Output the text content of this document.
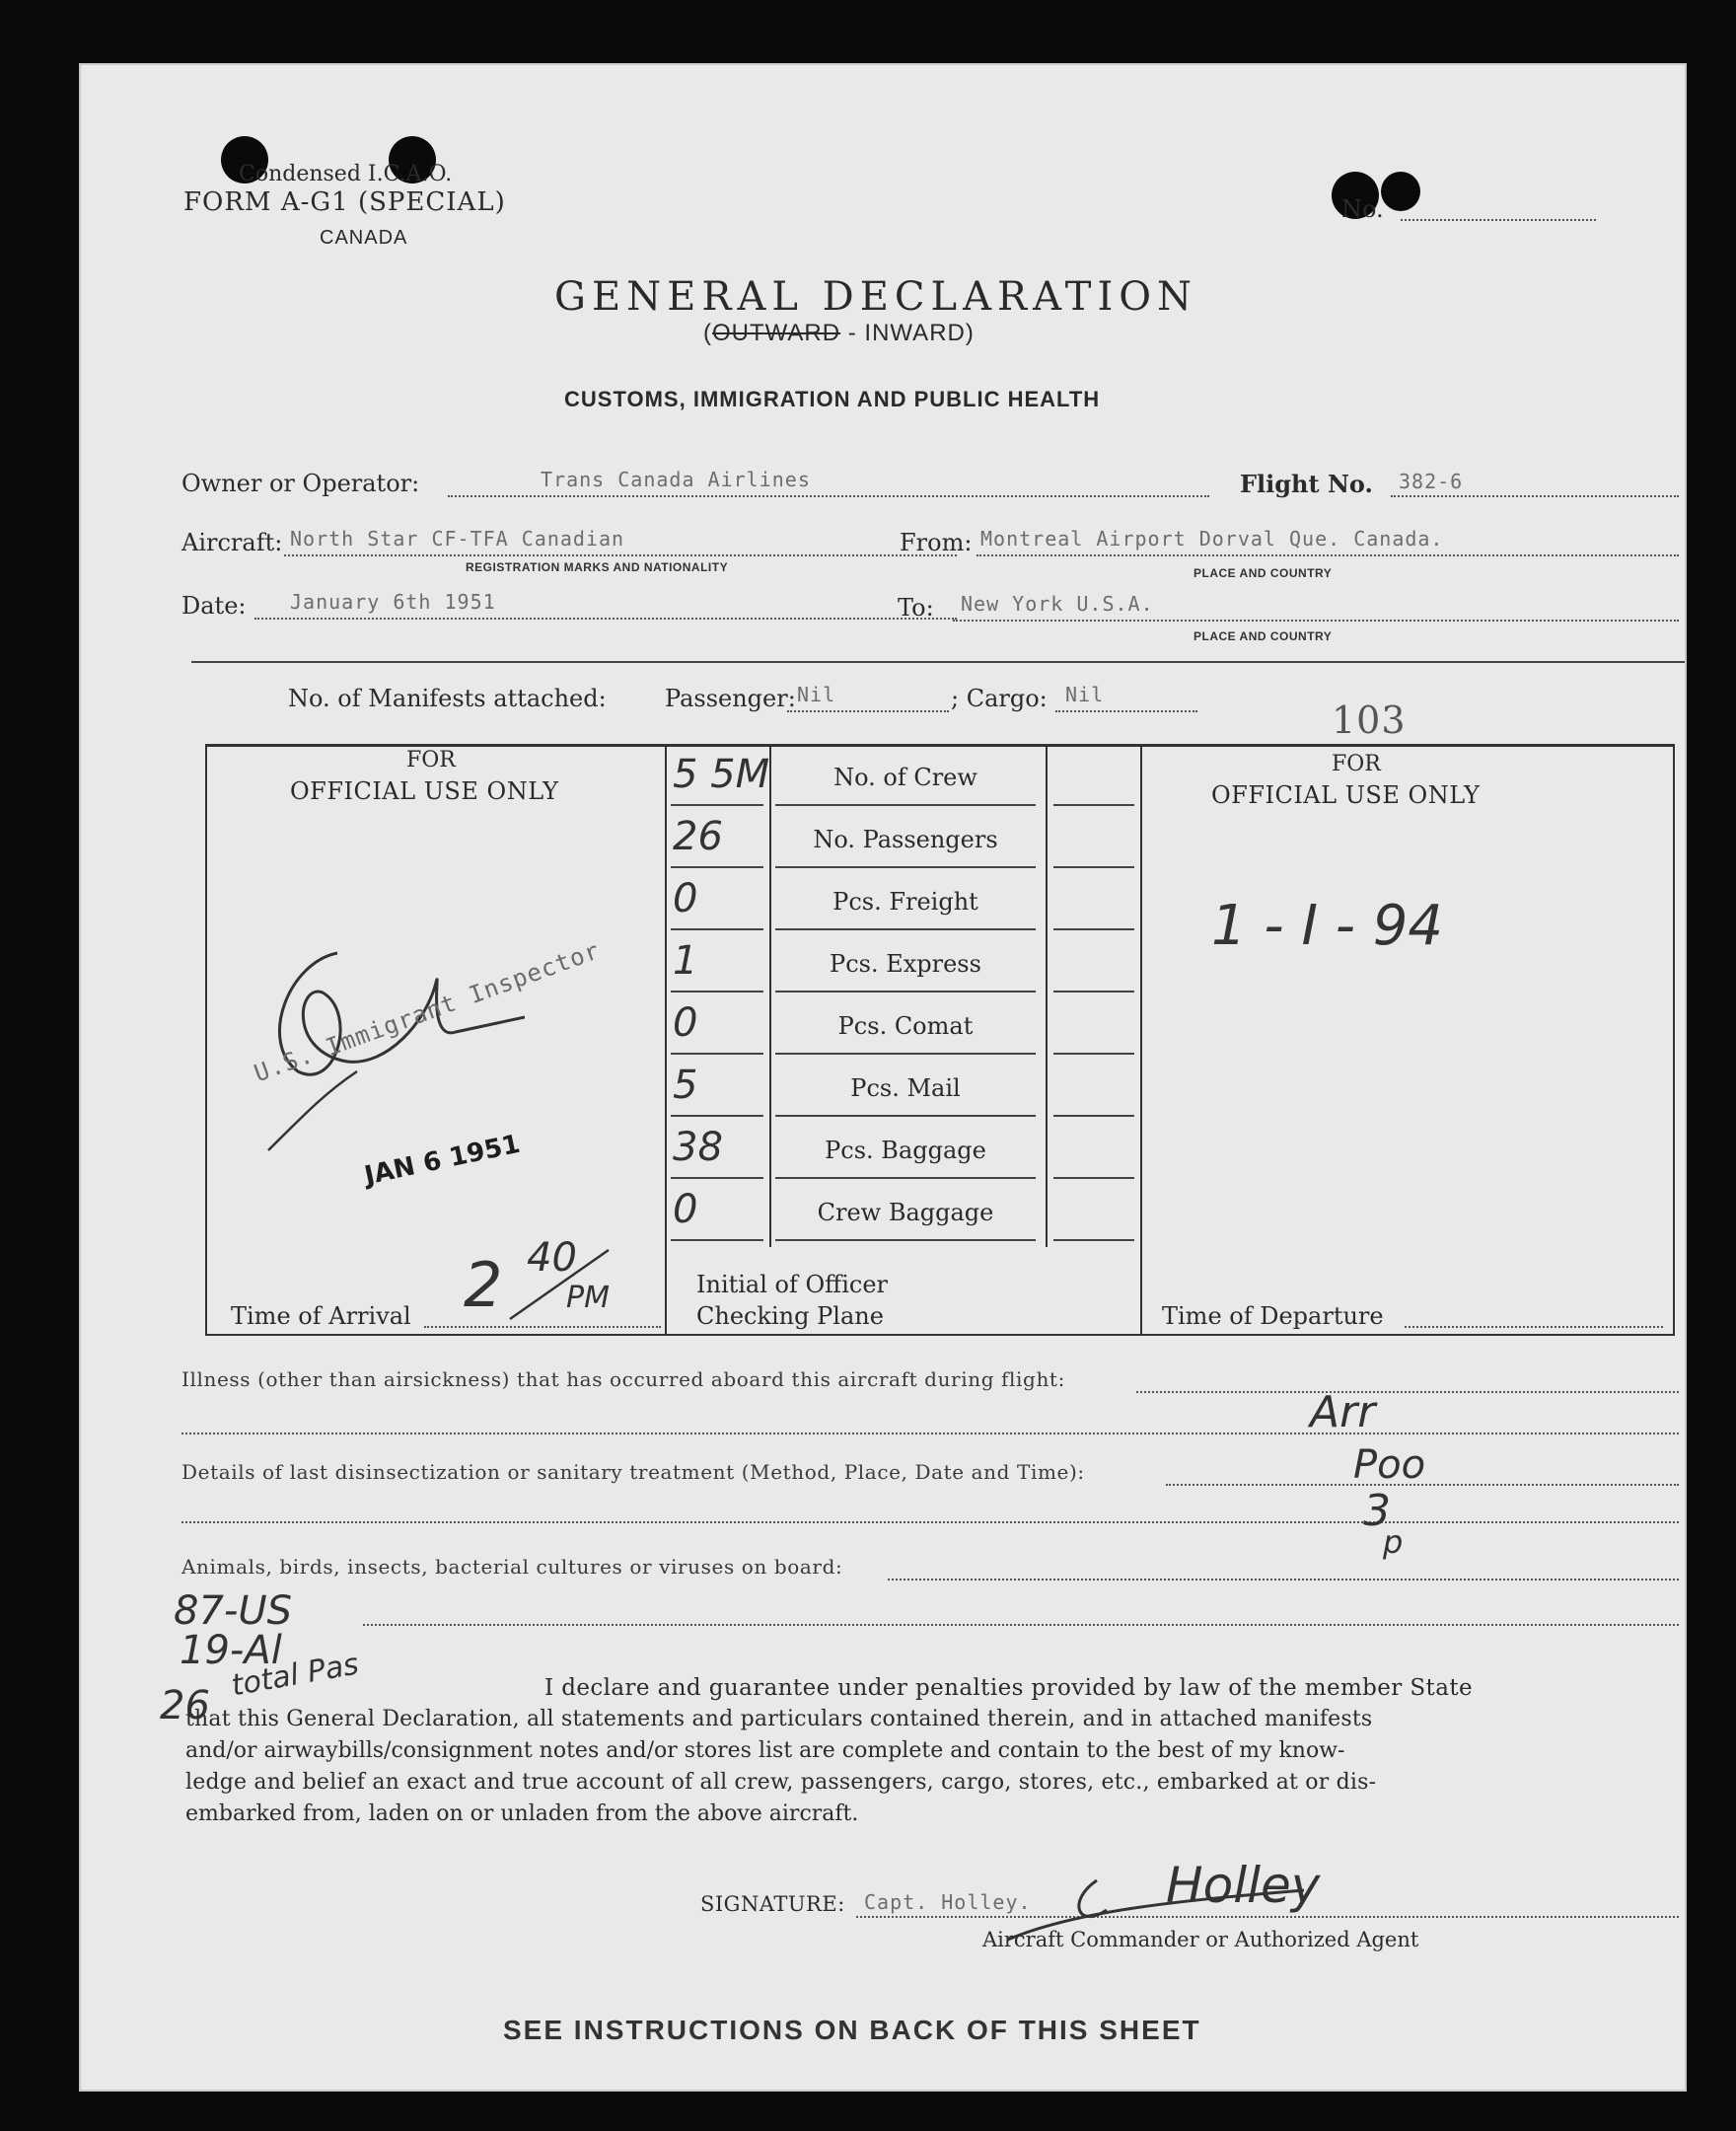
Condensed I.C.A.O.
FORM A-G1 (SPECIAL)
CANADA
No.
GENERAL DECLARATION
(OUTWARD - INWARD)
CUSTOMS, IMMIGRATION AND PUBLIC HEALTH
Owner or Operator:	Trans Canada Airlines	Flight No. 382-6
Aircraft: North Star CF-TFA Canadian
REGISTRATION MARKS AND NATIONALITY
From: Montreal Airport Dorval Que. Canada.
PLACE AND COUNTRY
Date: January 6th 1951	To: New York U.S.A.
PLACE AND COUNTRY
No. of Manifests attached: Passenger: Nil	; Cargo: Nil
103
FOR
OFFICIAL USE ONLY
U.S. Immigrant Inspector
JAN 6 1951
Time of Arrival 2 40
PM
5 5M	No. of Crew
26	No. Passengers
0	Pcs. Freight
1	Pcs. Express
0	Pcs. Comat
5	Pcs. Mail
38	Pcs. Baggage
0	Crew Baggage
Initial of Officer
Checking Plane
FOR
OFFICIAL USE ONLY
1 - I - 94
Time of Departure
Illness (other than airsickness) that has occurred aboard this aircraft during flight:
Details of last disinsectization or sanitary treatment (Method, Place, Date and Time):
Arr
Poo
3
p
Animals, birds, insects, bacterial cultures or viruses on board:
87-US
19-Al
26
total Pas	I declare and guarantee under penalties provided by law of the member State
that this General Declaration, all statements and particulars contained therein, and in attached manifests
and/or airwaybills/consignment notes and/or stores list are complete and contain to the best of my know-
ledge and belief an exact and true account of all crew, passengers, cargo, stores, etc., embarked at or dis-
embarked from, laden on or unladen from the above aircraft.
SIGNATURE: Capt. Holley.	Holley
Aircraft Commander or Authorized Agent
SEE INSTRUCTIONS ON BACK OF THIS SHEET
